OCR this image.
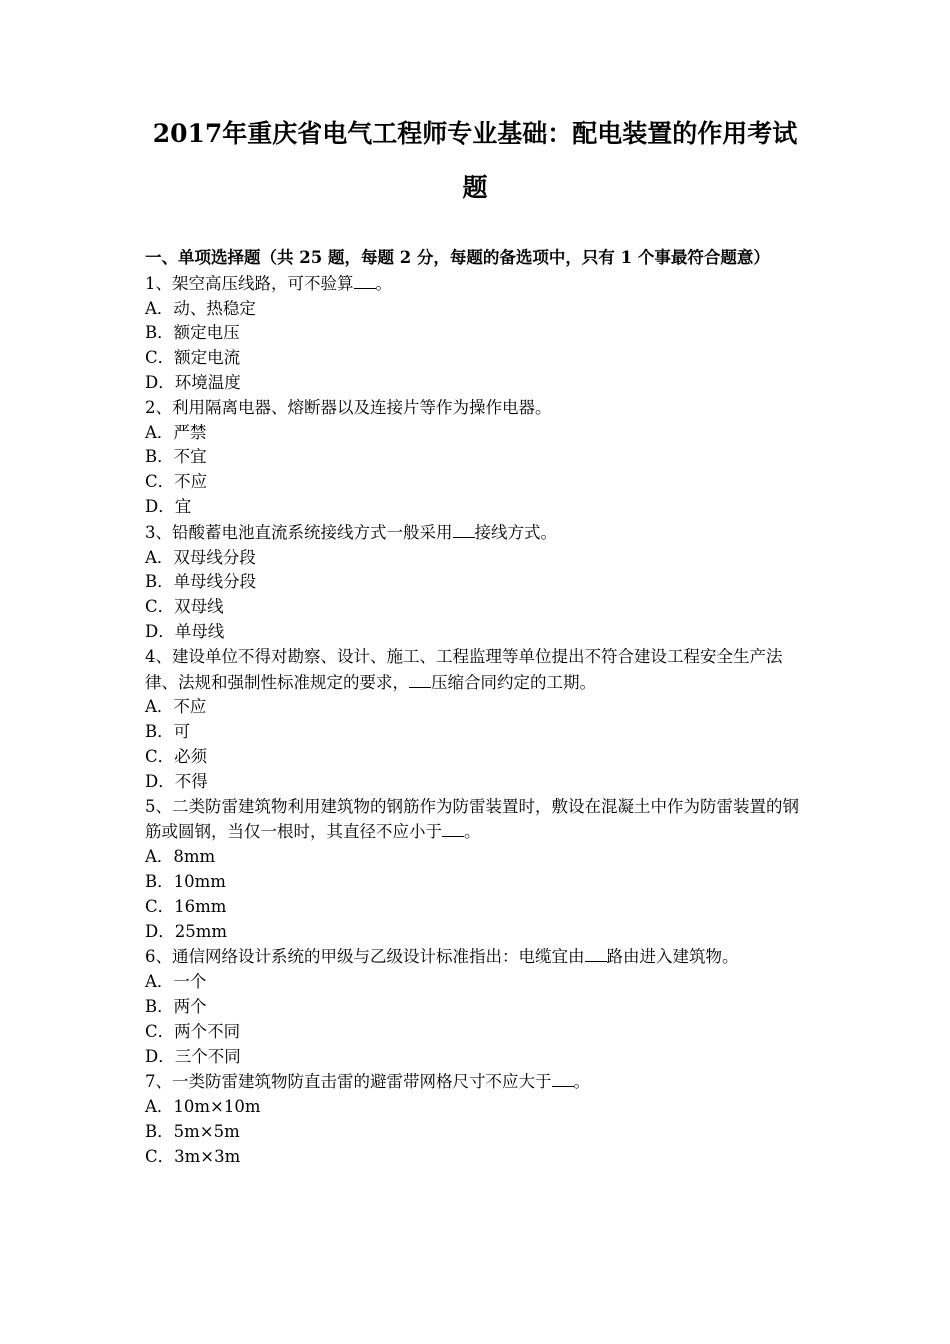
2017年重庆省电气工程师专业基础：配电装置的作用考试
题
一、单项选择题（共 25 题，每题 2 分，每题的备选项中，只有 1 个事最符合题意）
1、架空高压线路，可不验算 。
A．动、热稳定
B．额定电压
C．额定电流
D．环境温度
2、利用隔离电器、熔断器以及连接片等作为操作电器。
A．严禁
B．不宜
C．不应
D．宜
3、铅酸蓄电池直流系统接线方式一般采用 接线方式。
A．双母线分段
B．单母线分段
C．双母线
D．单母线
4、建设单位不得对勘察、设计、施工、工程监理等单位提出不符合建设工程安全生产法律、法规和强制性标准规定的要求， 压缩合同约定的工期。
A．不应
B．可
C．必须
D．不得
5、二类防雷建筑物利用建筑物的钢筋作为防雷装置时，敷设在混凝土中作为防雷装置的钢筋或圆钢，当仅一根时，其直径不应小于 。
A．8mm
B．10mm
C．16mm
D．25mm
6、通信网络设计系统的甲级与乙级设计标准指出：电缆宜由 路由进入建筑物。
A．一个
B．两个
C．两个不同
D．三个不同
7、一类防雷建筑物防直击雷的避雷带网格尺寸不应大于 。
A．10m×10m
B．5m×5m
C．3m×3m
